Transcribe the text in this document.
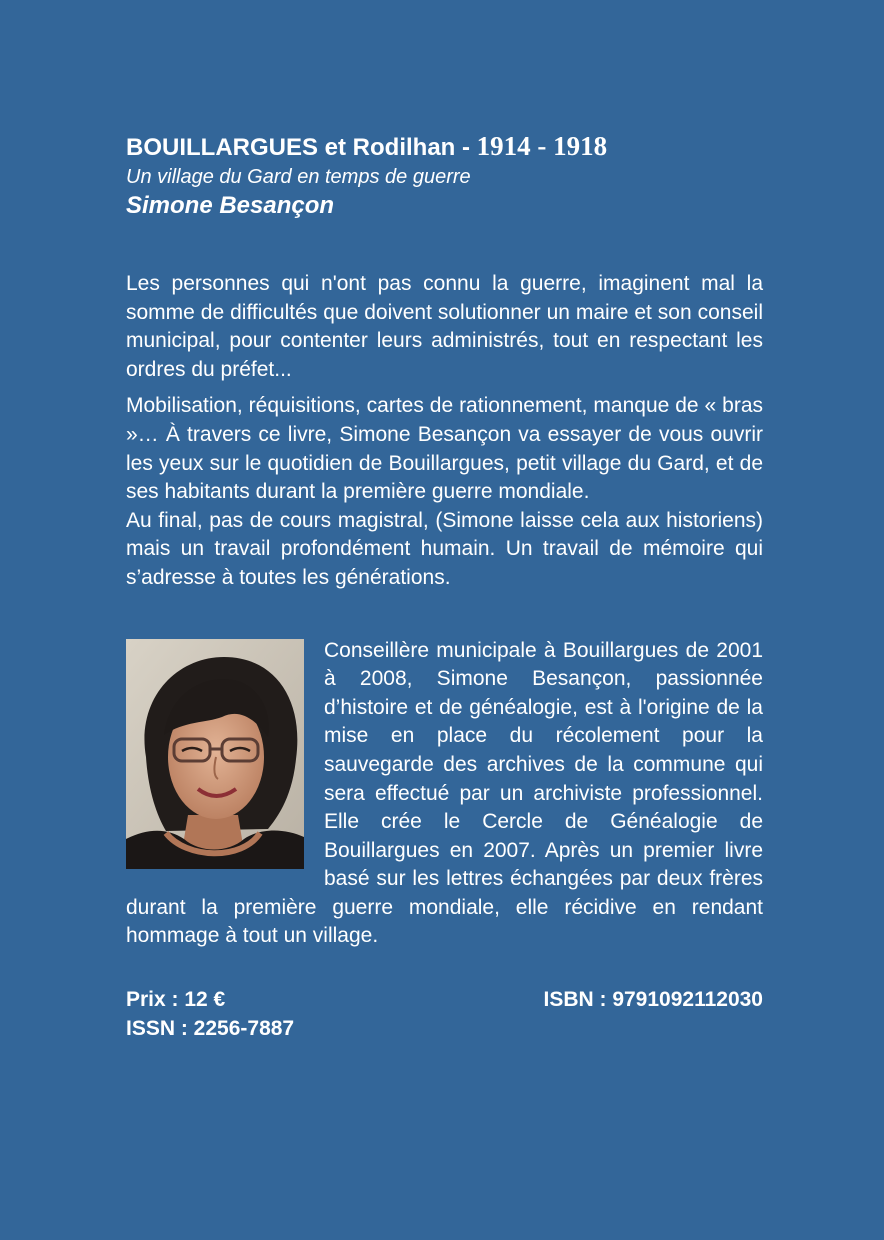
BOUILLARGUES et Rodilhan - 1914 - 1918

Un village du Gard en temps de guerre

Simone Besançon

Les personnes qui n'ont pas connu la guerre, imaginent mal la somme de difficultés que doivent solutionner un maire et son conseil municipal, pour contenter leurs administrés, tout en respectant les ordres du préfet...

Mobilisation, réquisitions, cartes de rationnement, manque de « bras »… À travers ce livre, Simone Besançon va essayer de vous ouvrir les yeux sur le quotidien de Bouillargues, petit village du Gard, et de ses habitants durant la première guerre mondiale.

Au final, pas de cours magistral, (Simone laisse cela aux historiens) mais un travail profondément humain. Un travail de mémoire qui s’adresse à toutes les générations.

Conseillère municipale à Bouillargues de 2001 à 2008, Simone Besançon, passionnée d’histoire et de généalogie, est à l'origine de la mise en place du récolement pour la sauvegarde des archives de la commune qui sera effectué par un archiviste professionnel. Elle crée le Cercle de Généalogie de Bouillargues en 2007. Après un premier livre basé sur les lettres échangées par deux frères durant la première guerre mondiale, elle récidive en rendant hommage à tout un village.

Prix : 12 €	ISBN : 9791092112030
ISSN : 2256-7887
